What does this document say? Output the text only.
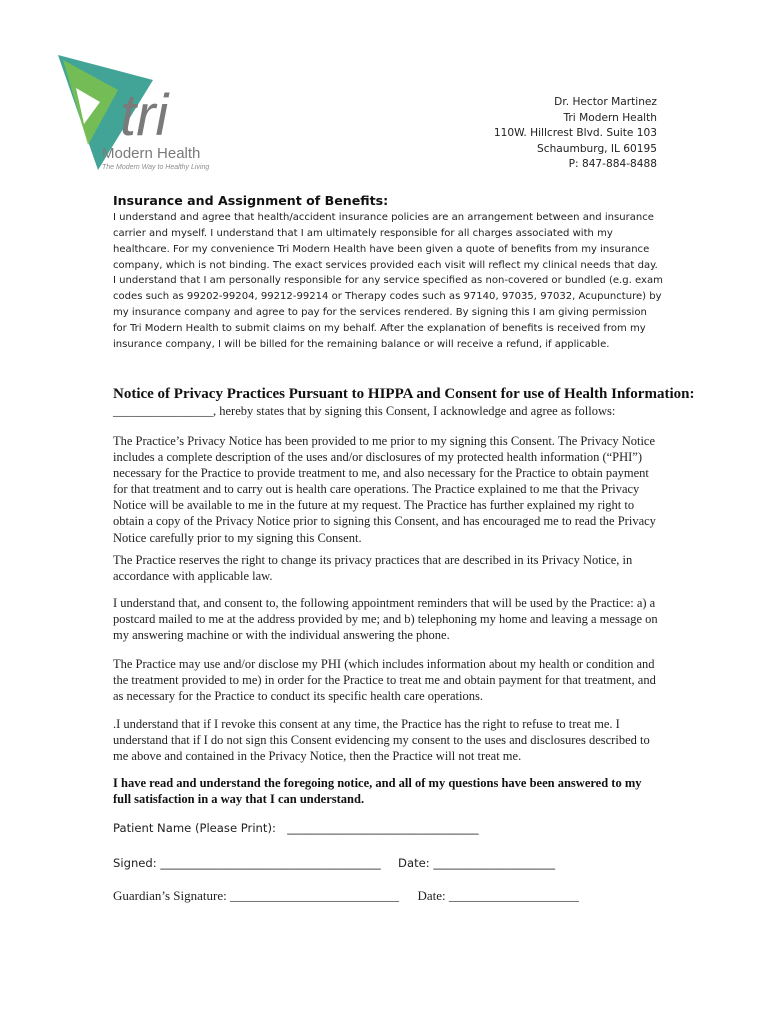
tri
Modern Health
The Modern Way to Healthy Living
Dr. Hector Martinez
Tri Modern Health
110W. Hillcrest Blvd. Suite 103
Schaumburg, IL 60195
P: 847-884-8488
Insurance and Assignment of Benefits:
I understand and agree that health/accident insurance policies are an arrangement between and insurance carrier and myself. I understand that I am ultimately responsible for all charges associated with my healthcare. For my convenience Tri Modern Health have been given a quote of benefits from my insurance company, which is not binding. The exact services provided each visit will reflect my clinical needs that day. I understand that I am personally responsible for any service specified as non-covered or bundled (e.g. exam codes such as 99202-99204, 99212-99214 or Therapy codes such as 97140, 97035, 97032, Acupuncture) by my insurance company and agree to pay for the services rendered. By signing this I am giving permission for Tri Modern Health to submit claims on my behalf. After the explanation of benefits is received from my insurance company, I will be billed for the remaining balance or will receive a refund, if applicable.
Notice of Privacy Practices Pursuant to HIPPA and Consent for use of Health Information:
________________, hereby states that by signing this Consent, I acknowledge and agree as follows:
The Practice’s Privacy Notice has been provided to me prior to my signing this Consent. The Privacy Notice includes a complete description of the uses and/or disclosures of my protected health information (“PHI”) necessary for the Practice to provide treatment to me, and also necessary for the Practice to obtain payment for that treatment and to carry out is health care operations. The Practice explained to me that the Privacy Notice will be available to me in the future at my request. The Practice has further explained my right to obtain a copy of the Privacy Notice prior to signing this Consent, and has encouraged me to read the Privacy Notice carefully prior to my signing this Consent.
The Practice reserves the right to change its privacy practices that are described in its Privacy Notice, in accordance with applicable law.
I understand that, and consent to, the following appointment reminders that will be used by the Practice: a) a postcard mailed to me at the address provided by me; and b) telephoning my home and leaving a message on my answering machine or with the individual answering the phone.
The Practice may use and/or disclose my PHI (which includes information about my health or condition and the treatment provided to me) in order for the Practice to treat me and obtain payment for that treatment, and as necessary for the Practice to conduct its specific health care operations.
.I understand that if I revoke this consent at any time, the Practice has the right to refuse to treat me. I understand that if I do not sign this Consent evidencing my consent to the uses and disclosures described to me above and contained in the Privacy Notice, then the Practice will not treat me.
I have read and understand the foregoing notice, and all of my questions have been answered to my full satisfaction in a way that I can understand.
Patient Name (Please Print): _________________________________
Signed: ______________________________________ Date: _____________________
Guardian’s Signature: __________________________ Date: ____________________
